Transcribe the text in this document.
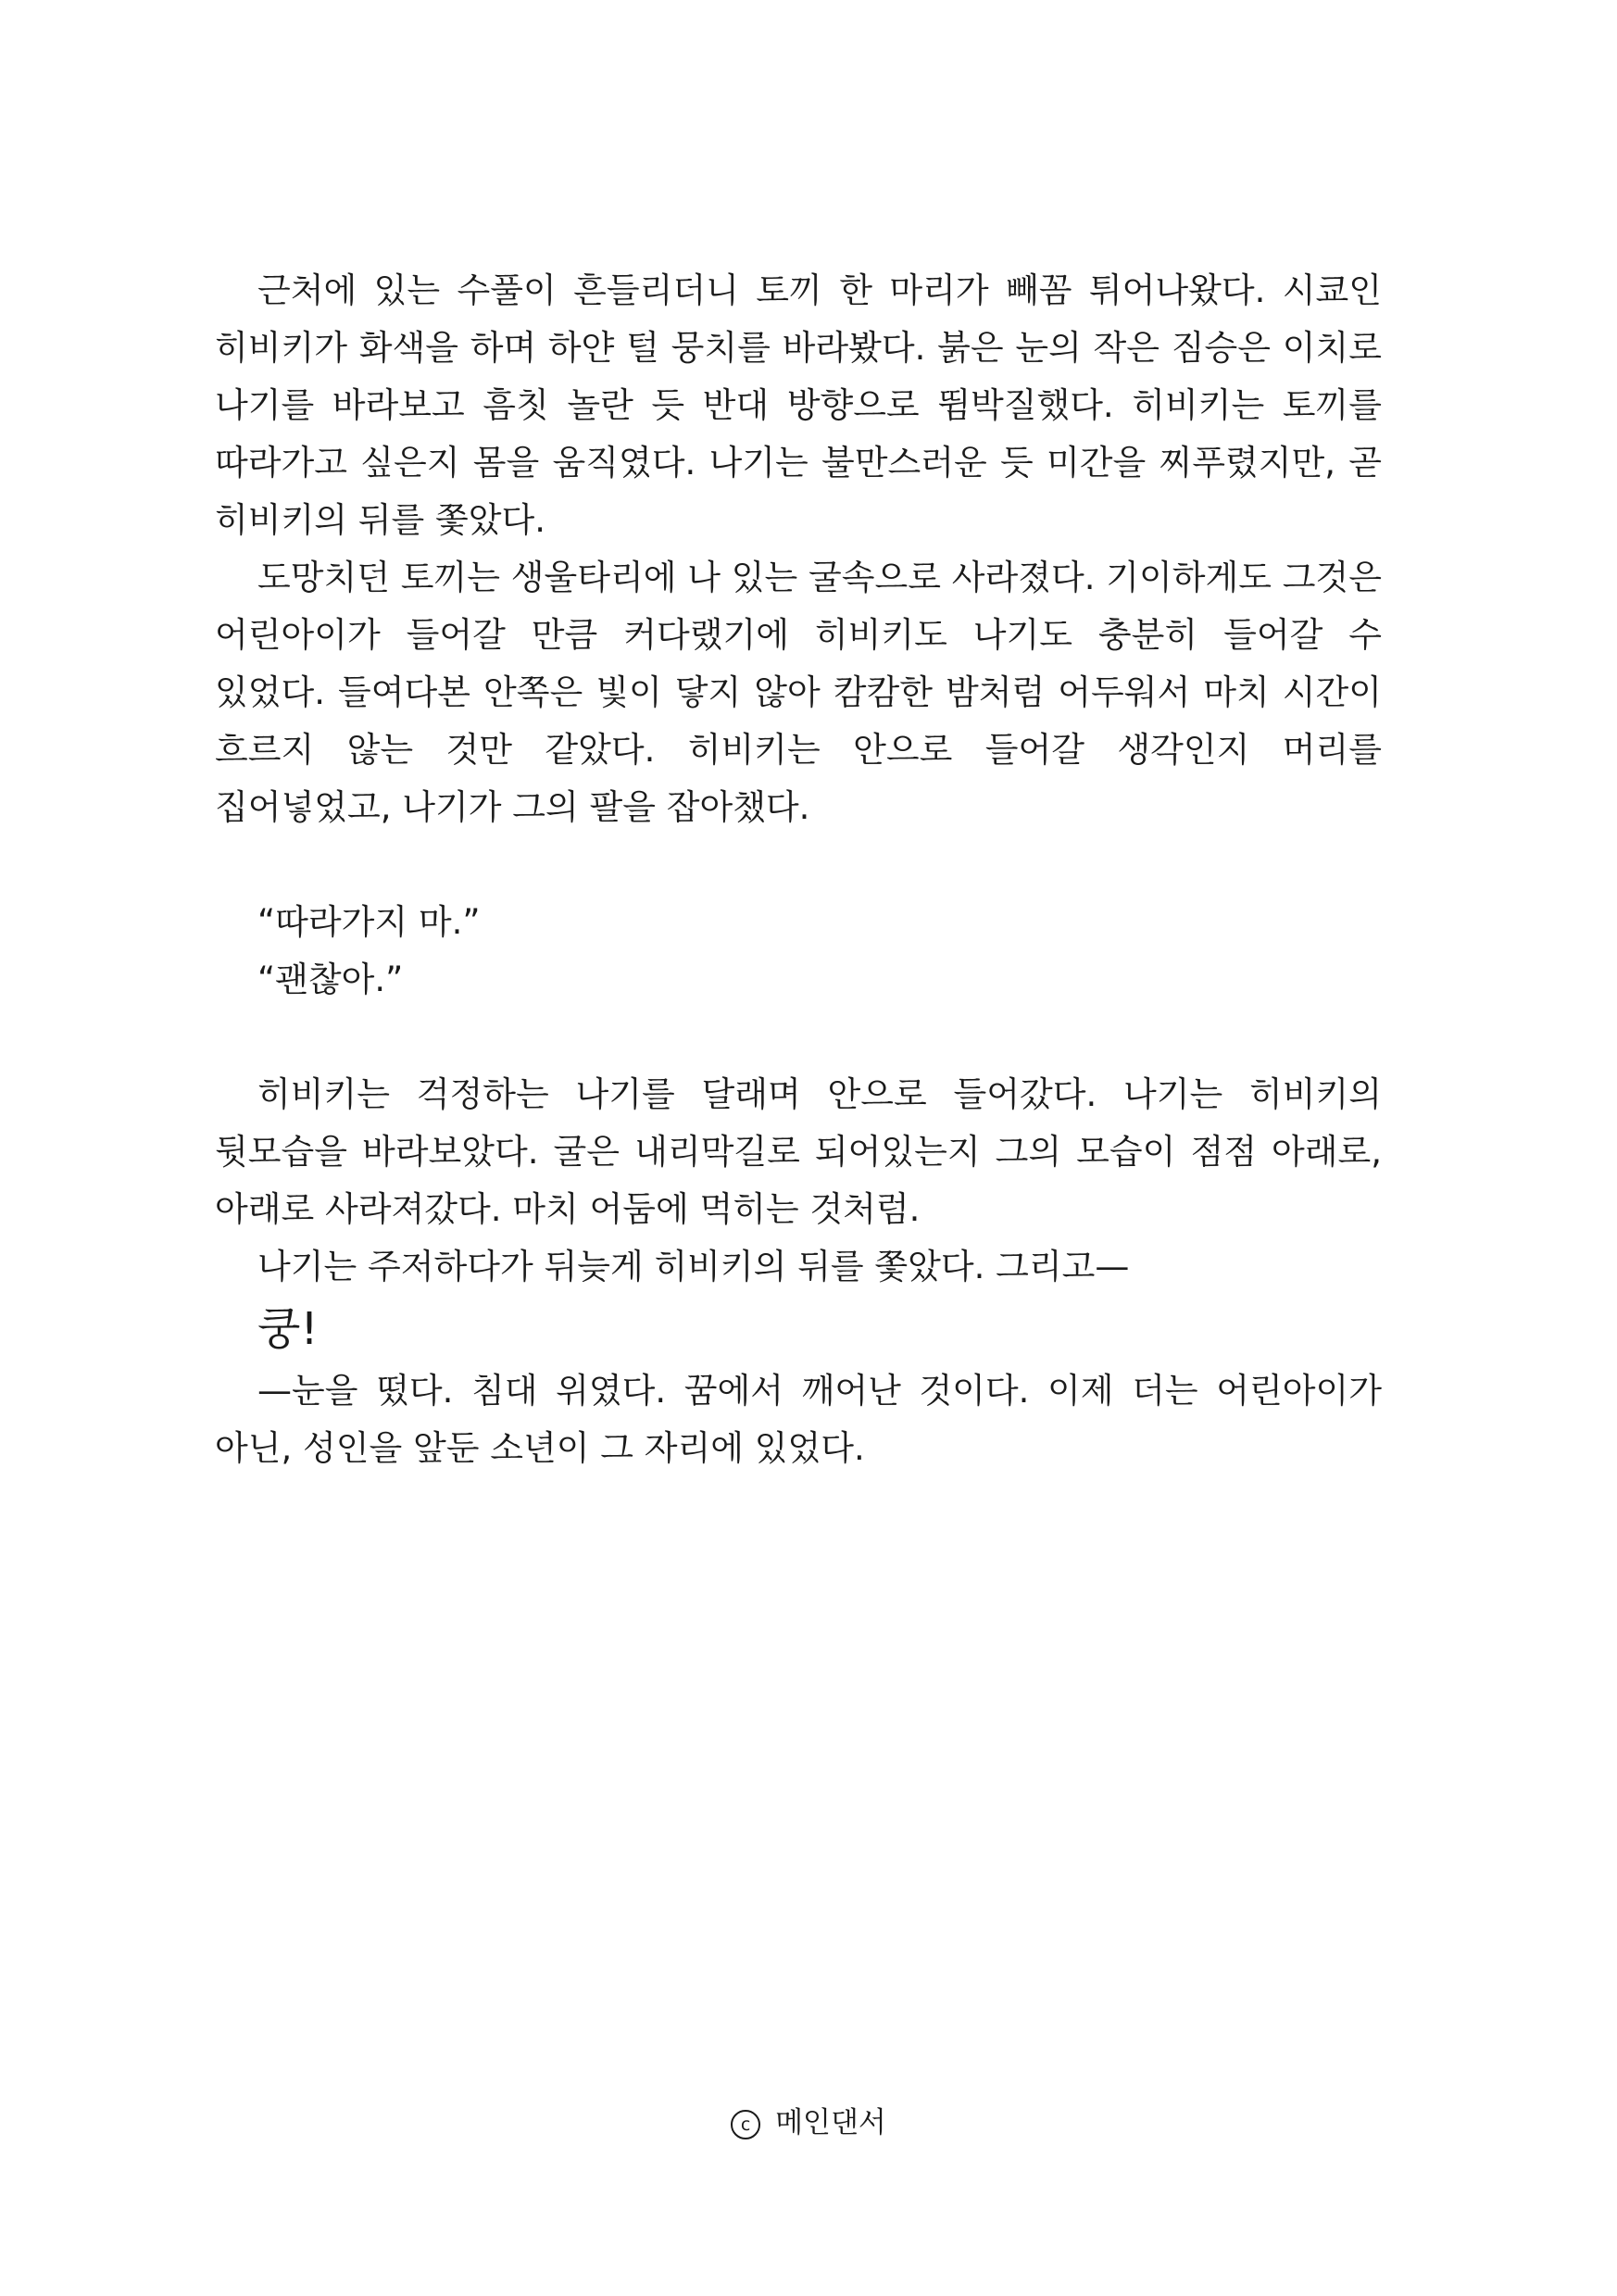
근처에 있는 수풀이 흔들리더니 토끼 한 마리가 빼꼼 튀어나왔다. 시쿄인 히비키가 화색을 하며 하얀 털 뭉치를 바라봤다. 붉은 눈의 작은 짐승은 이치로 나기를 바라보고 흠칫 놀란 듯 반대 방향으로 뜀박질했다. 히비키는 토끼를 따라가고 싶은지 몸을 움직였다. 나기는 불만스러운 듯 미간을 찌푸렸지만, 곧 히비키의 뒤를 쫓았다.

도망치던 토끼는 생울타리에 나 있는 굴속으로 사라졌다. 기이하게도 그것은 어린아이가 들어갈 만큼 커다랬기에 히비키도 나기도 충분히 들어갈 수 있었다. 들여다본 안쪽은 빛이 닿지 않아 캄캄한 밤처럼 어두워서 마치 시간이 흐르지 않는 것만 같았다. 히비키는 안으로 들어갈 생각인지 머리를 집어넣었고, 나기가 그의 팔을 잡아챘다.

“따라가지 마.”

“괜찮아.”

히비키는 걱정하는 나기를 달래며 안으로 들어갔다. 나기는 히비키의 뒷모습을 바라보았다. 굴은 내리막길로 되어있는지 그의 모습이 점점 아래로, 아래로 사라져갔다. 마치 어둠에 먹히는 것처럼.

나기는 주저하다가 뒤늦게 히비키의 뒤를 쫓았다. 그리고—

쿵!

—눈을 떴다. 침대 위였다. 꿈에서 깨어난 것이다. 이제 더는 어린아이가 아닌, 성인을 앞둔 소년이 그 자리에 있었다.

c 메인댄서
